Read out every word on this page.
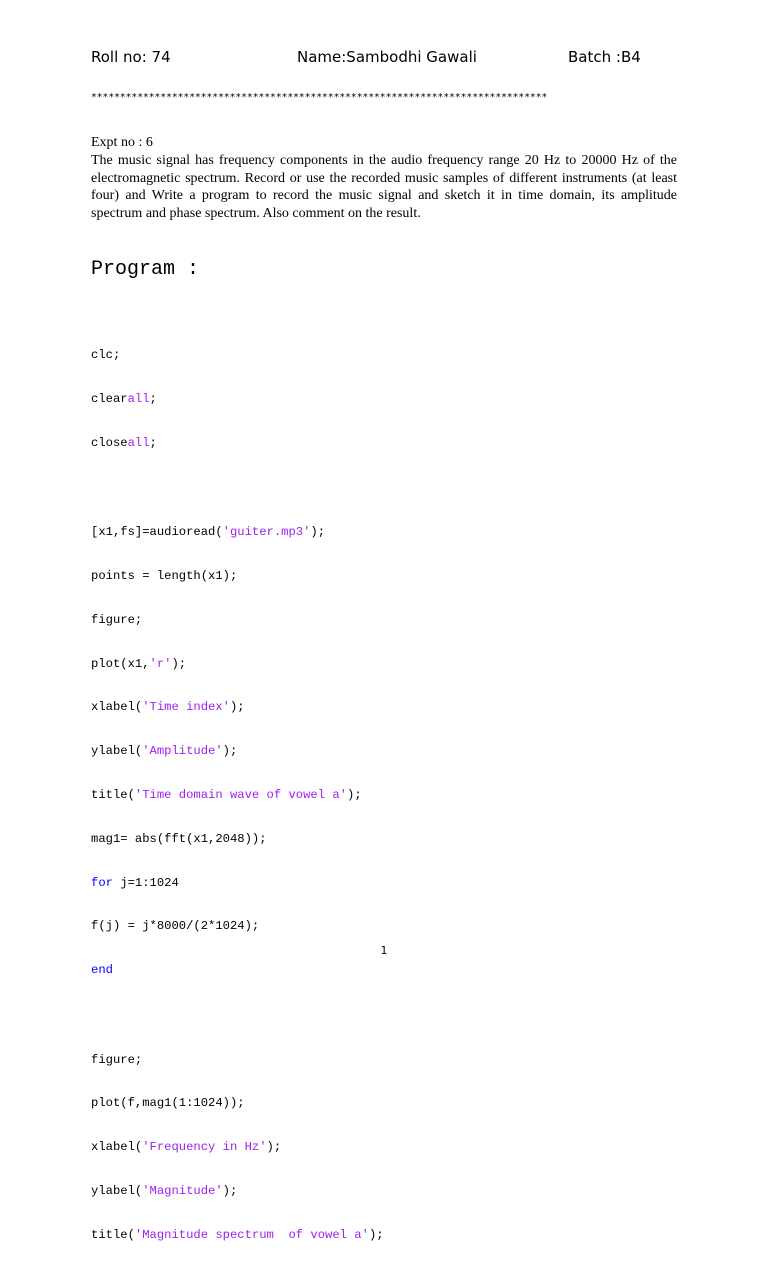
Roll no: 74	Name:Sambodhi Gawali	Batch :B4
*******************************************************************************
Expt no : 6
The music signal has frequency components in the audio frequency range 20 Hz to 20000 Hz of the electromagnetic spectrum. Record or use the recorded music samples of different instruments (at least four) and Write a program to record the music signal and sketch it in time domain, its amplitude spectrum and phase spectrum. Also comment on the result.
Program :

clc;

clearall;

closeall;

[x1,fs]=audioread('guiter.mp3');

points = length(x1);

figure;

plot(x1,'r');

xlabel('Time index');

ylabel('Amplitude');

title('Time domain wave of vowel a');

mag1= abs(fft(x1,2048));

for j=1:1024

f(j) = j*8000/(2*1024);

end

figure;

plot(f,mag1(1:1024));

xlabel('Frequency in Hz');

ylabel('Magnitude');

title('Magnitude spectrum  of vowel a');

1
